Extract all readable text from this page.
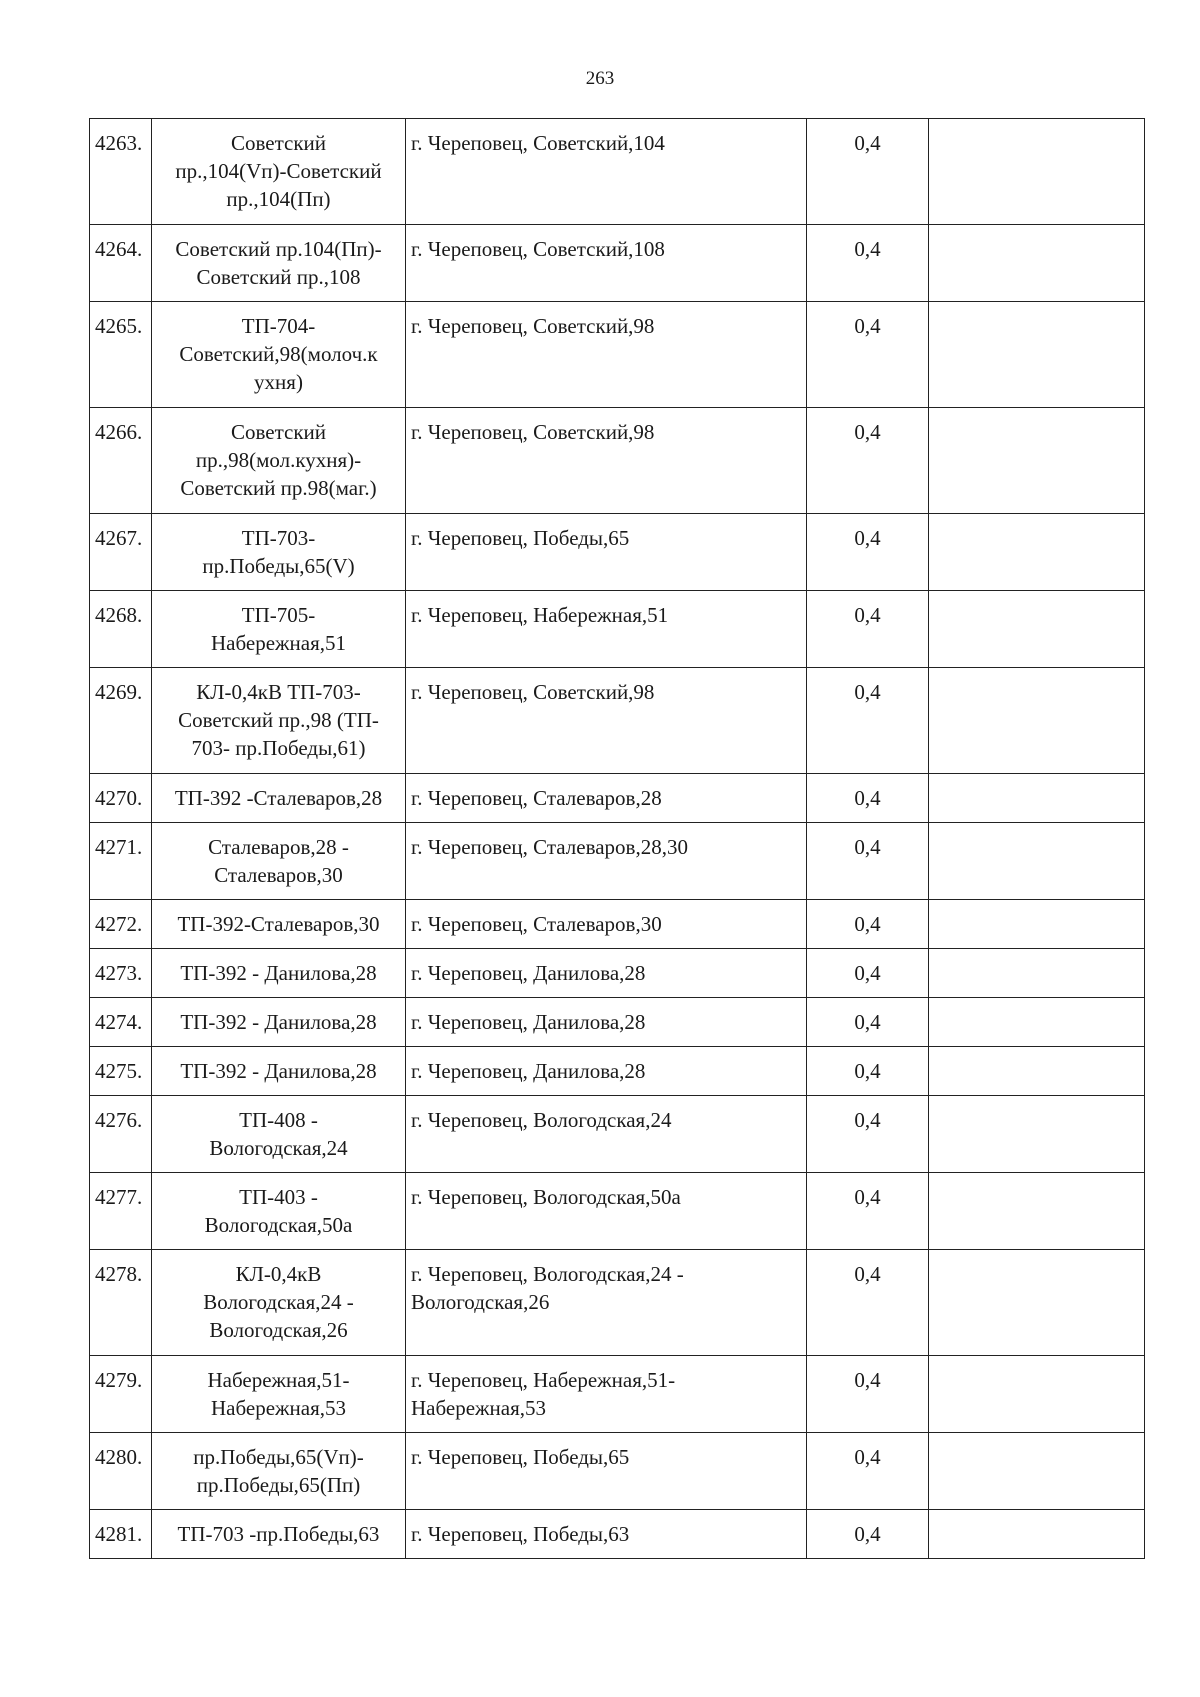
263
4263.	Советский
пр.,104(Vп)-Советский
пр.,104(Пп)	г. Череповец, Советский,104	0,4	
4264.	Советский пр.104(Пп)-
Советский пр.,108	г. Череповец, Советский,108	0,4	
4265.	ТП-704-
Советский,98(молоч.к
ухня)	г. Череповец, Советский,98	0,4	
4266.	Советский
пр.,98(мол.кухня)-
Советский пр.98(маг.)	г. Череповец, Советский,98	0,4	
4267.	ТП-703-
пр.Победы,65(V)	г. Череповец, Победы,65	0,4	
4268.	ТП-705-
Набережная,51	г. Череповец, Набережная,51	0,4	
4269.	КЛ-0,4кВ ТП-703-
Советский пр.,98 (ТП-
703- пр.Победы,61)	г. Череповец, Советский,98	0,4	
4270.	ТП-392 -Сталеваров,28	г. Череповец, Сталеваров,28	0,4	
4271.	Сталеваров,28 -
Сталеваров,30	г. Череповец, Сталеваров,28,30	0,4	
4272.	ТП-392-Сталеваров,30	г. Череповец, Сталеваров,30	0,4	
4273.	ТП-392 - Данилова,28	г. Череповец, Данилова,28	0,4	
4274.	ТП-392 - Данилова,28	г. Череповец, Данилова,28	0,4	
4275.	ТП-392 - Данилова,28	г. Череповец, Данилова,28	0,4	
4276.	ТП-408 -
Вологодская,24	г. Череповец, Вологодская,24	0,4	
4277.	ТП-403 -
Вологодская,50а	г. Череповец, Вологодская,50а	0,4	
4278.	КЛ-0,4кВ
Вологодская,24 -
Вологодская,26	г. Череповец, Вологодская,24 -
Вологодская,26	0,4	
4279.	Набережная,51-
Набережная,53	г. Череповец, Набережная,51-
Набережная,53	0,4	
4280.	пр.Победы,65(Vп)-
пр.Победы,65(Пп)	г. Череповец, Победы,65	0,4	
4281.	ТП-703 -пр.Победы,63	г. Череповец, Победы,63	0,4	
